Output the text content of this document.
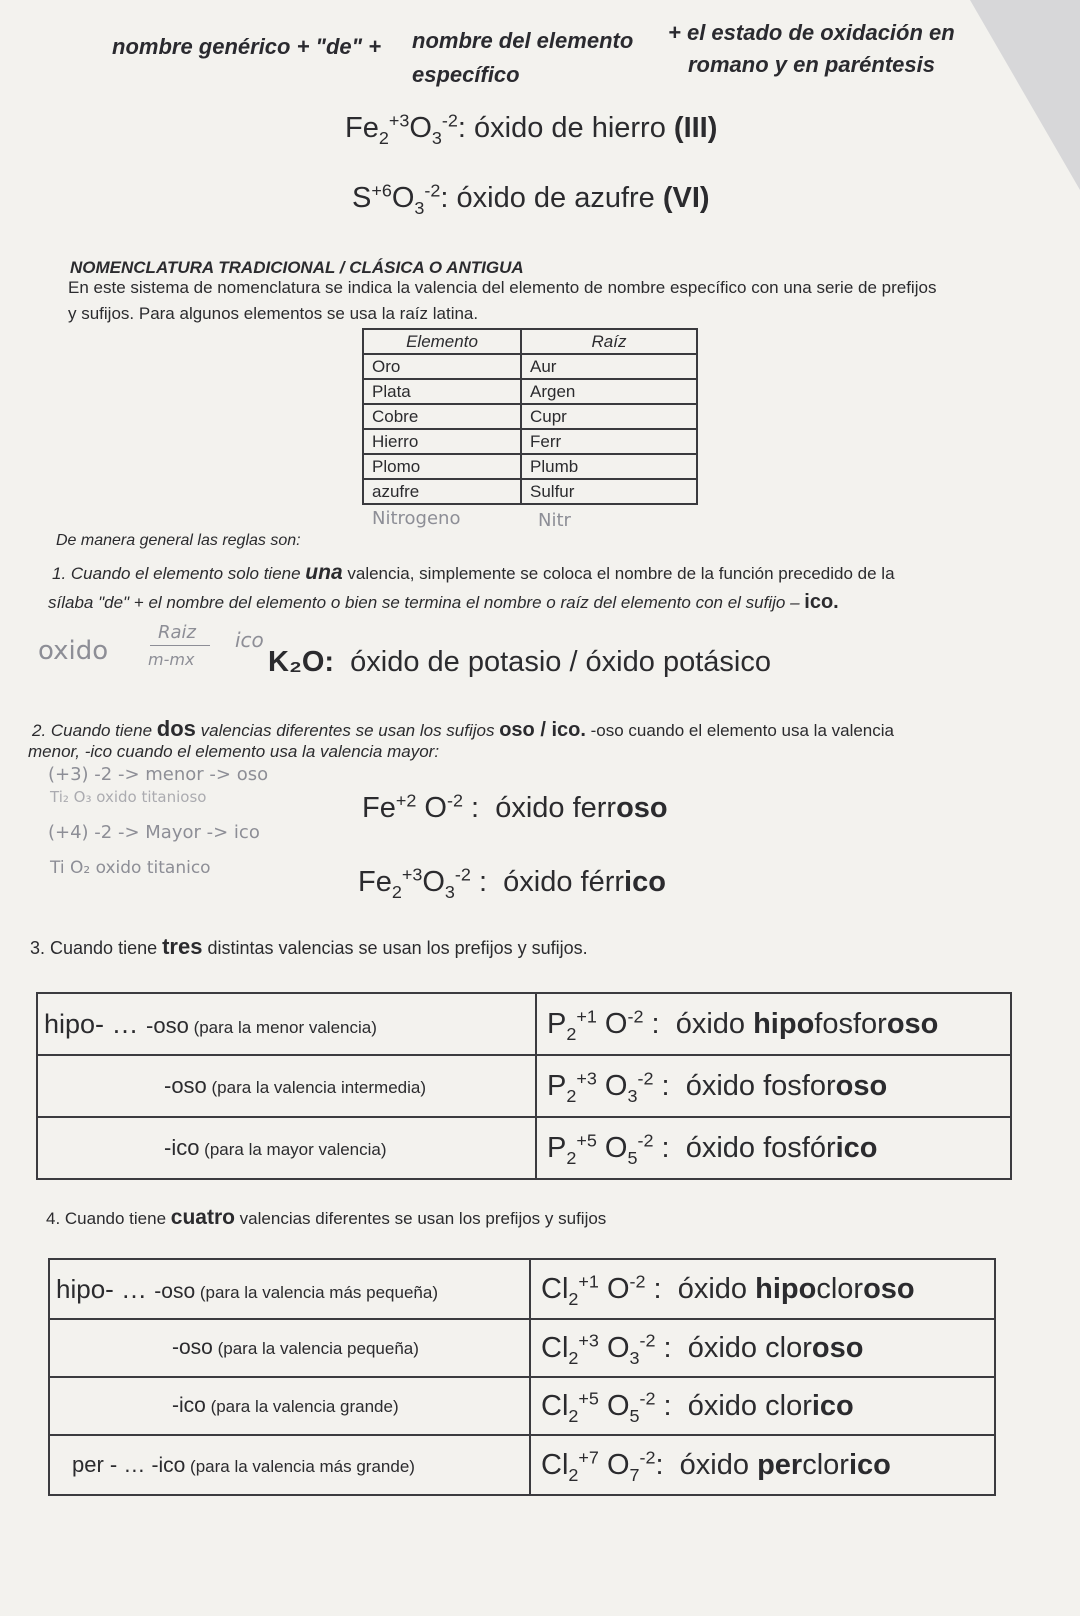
nombre genérico + "de" + nombre del elemento
específico
+ el estado de oxidación en
romano y en paréntesis
$Fe_2^{+3}O_3^{-2}$: óxido de hierro (III)
$S^{+6}O_3^{-2}$: óxido de azufre (VI)
NOMENCLATURA TRADICIONAL / CLÁSICA O ANTIGUA
En este sistema de nomenclatura se indica la valencia del elemento de nombre específico con una serie de prefijos
y sufijos. Para algunos elementos se usa la raíz latina.
Elemento	Raíz
Oro	Aur
Plata	Argen
Cobre	Cupr
Hierro	Ferr
Plomo	Plumb
azufre	Sulfur
Nitrogeno	Nitr
De manera general las reglas son:
1. Cuando el elemento solo tiene una valencia, simplemente se coloca el nombre de la función precedido de la
sílaba "de" + el nombre del elemento o bien se termina el nombre o raíz del elemento con el sufijo – ico.
oxido
Raiz
m-mx
ico
K₂O: óxido de potasio / óxido potásico
2. Cuando tiene dos valencias diferentes se usan los sufijos oso / ico. -oso cuando el elemento usa la valencia
menor, -ico cuando el elemento usa la valencia mayor:
(+3) -2 -> menor -> oso
Ti₂ O₃ oxido titanioso
(+4) -2 -> Mayor -> ico
Ti O₂ oxido titanico
$Fe^{+2}$ $O^{-2}$ :  óxido ferroso
$Fe_2^{+3}O_3^{-2}$ :  óxido férrico
3. Cuando tiene tres distintas valencias se usan los prefijos y sufijos.
hipo- … -oso (para la menor valencia)	$P_2^{+1}$ $O^{-2}$ :  óxido hipofosforoso
-oso (para la valencia intermedia)	$P_2^{+3}$ $O_3^{-2}$ :  óxido fosforoso
-ico (para la mayor valencia)	$P_2^{+5}$ $O_5^{-2}$ :  óxido fosfórico
4. Cuando tiene cuatro valencias diferentes se usan los prefijos y sufijos
hipo- … -oso (para la valencia más pequeña)	$Cl_2^{+1}$ $O^{-2}$ :  óxido hipocloroso
-oso (para la valencia pequeña)	$Cl_2^{+3}$ $O_3^{-2}$ :  óxido cloroso
-ico (para la valencia grande)	$Cl_2^{+5}$ $O_5^{-2}$ :  óxido clorico
per - … -ico (para la valencia más grande)	$Cl_2^{+7}$ $O_7^{-2}$:  óxido perclorico
